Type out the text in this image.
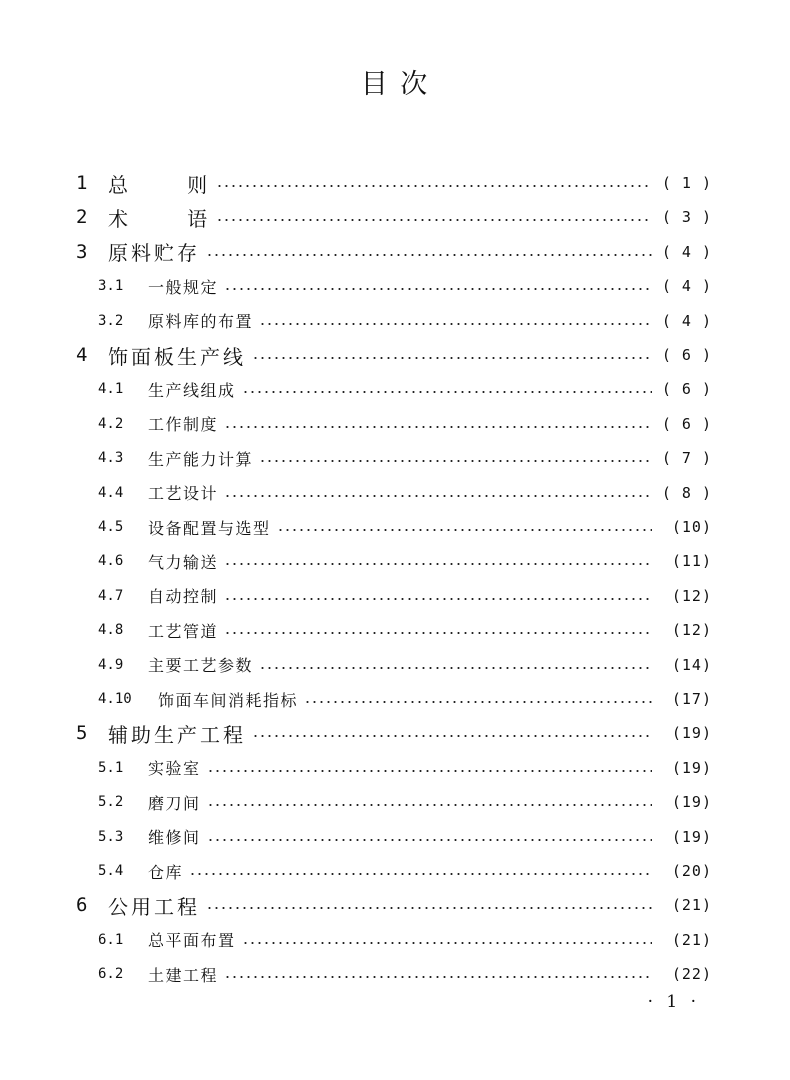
目 次
1 总      则	( 1 )
2 术      语	( 3 )
3 原料贮存	( 4 )
3.1 一般规定	( 4 )
3.2 原料库的布置	( 4 )
4 饰面板生产线	( 6 )
4.1 生产线组成	( 6 )
4.2 工作制度	( 6 )
4.3 生产能力计算	( 7 )
4.4 工艺设计	( 8 )
4.5 设备配置与选型	(10)
4.6 气力输送	(11)
4.7 自动控制	(12)
4.8 工艺管道	(12)
4.9 主要工艺参数	(14)
4.10 饰面车间消耗指标	(17)
5 辅助生产工程	(19)
5.1 实验室	(19)
5.2 磨刀间	(19)
5.3 维修间	(19)
5.4 仓库	(20)
6 公用工程	(21)
6.1 总平面布置	(21)
6.2 土建工程	(22)
· 1 ·
